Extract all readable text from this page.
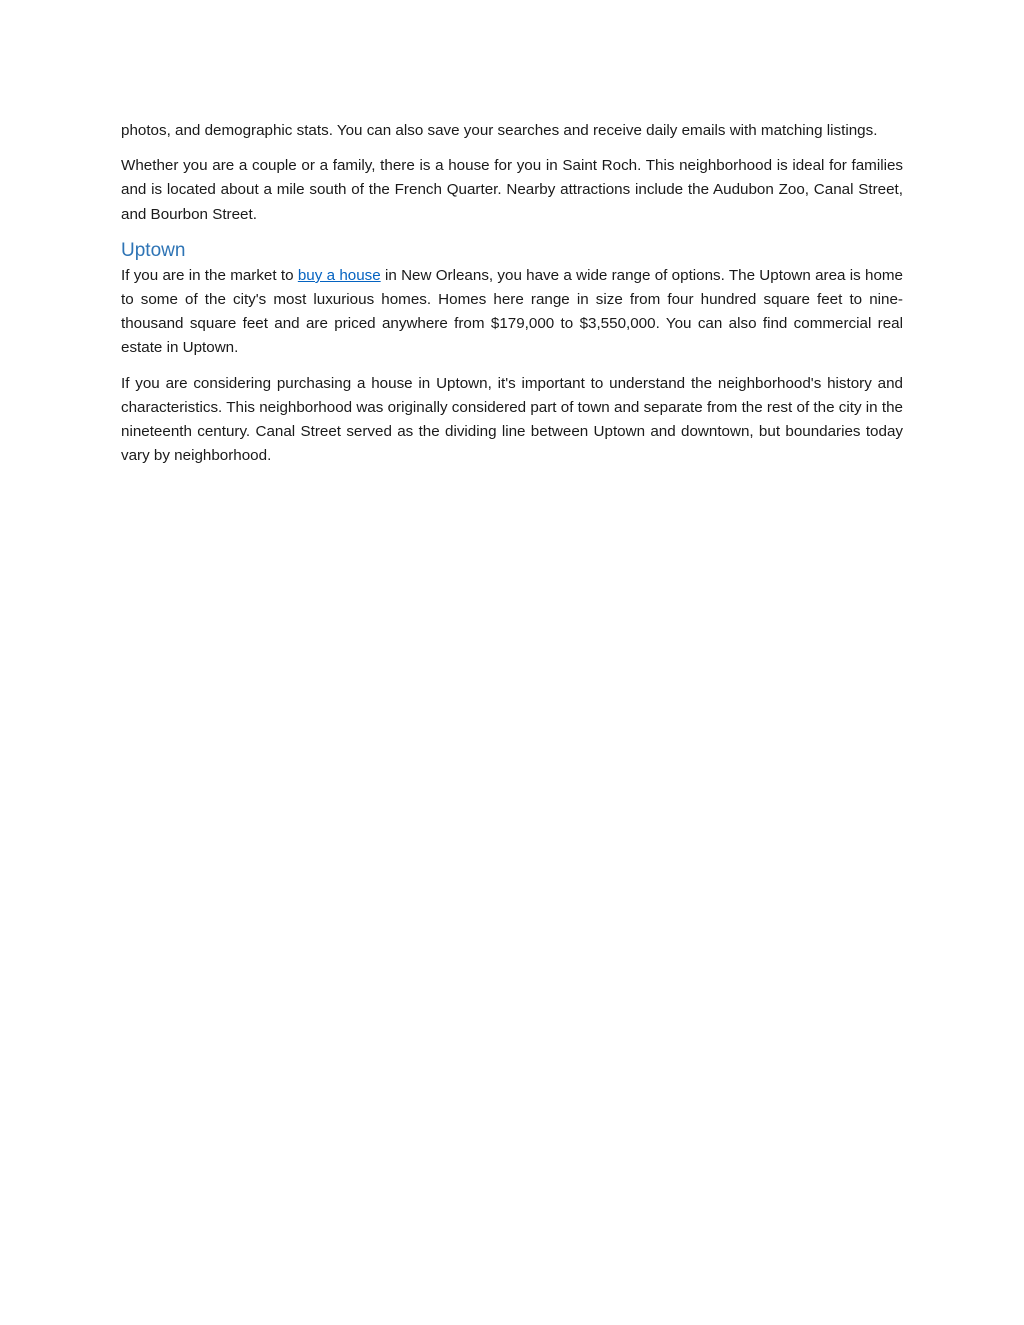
photos, and demographic stats. You can also save your searches and receive daily emails with matching listings.

Whether you are a couple or a family, there is a house for you in Saint Roch. This neighborhood is ideal for families and is located about a mile south of the French Quarter. Nearby attractions include the Audubon Zoo, Canal Street, and Bourbon Street.

Uptown

If you are in the market to buy a house in New Orleans, you have a wide range of options. The Uptown area is home to some of the city's most luxurious homes. Homes here range in size from four hundred square feet to nine-thousand square feet and are priced anywhere from $179,000 to $3,550,000. You can also find commercial real estate in Uptown.

If you are considering purchasing a house in Uptown, it's important to understand the neighborhood's history and characteristics. This neighborhood was originally considered part of town and separate from the rest of the city in the nineteenth century. Canal Street served as the dividing line between Uptown and downtown, but boundaries today vary by neighborhood.
